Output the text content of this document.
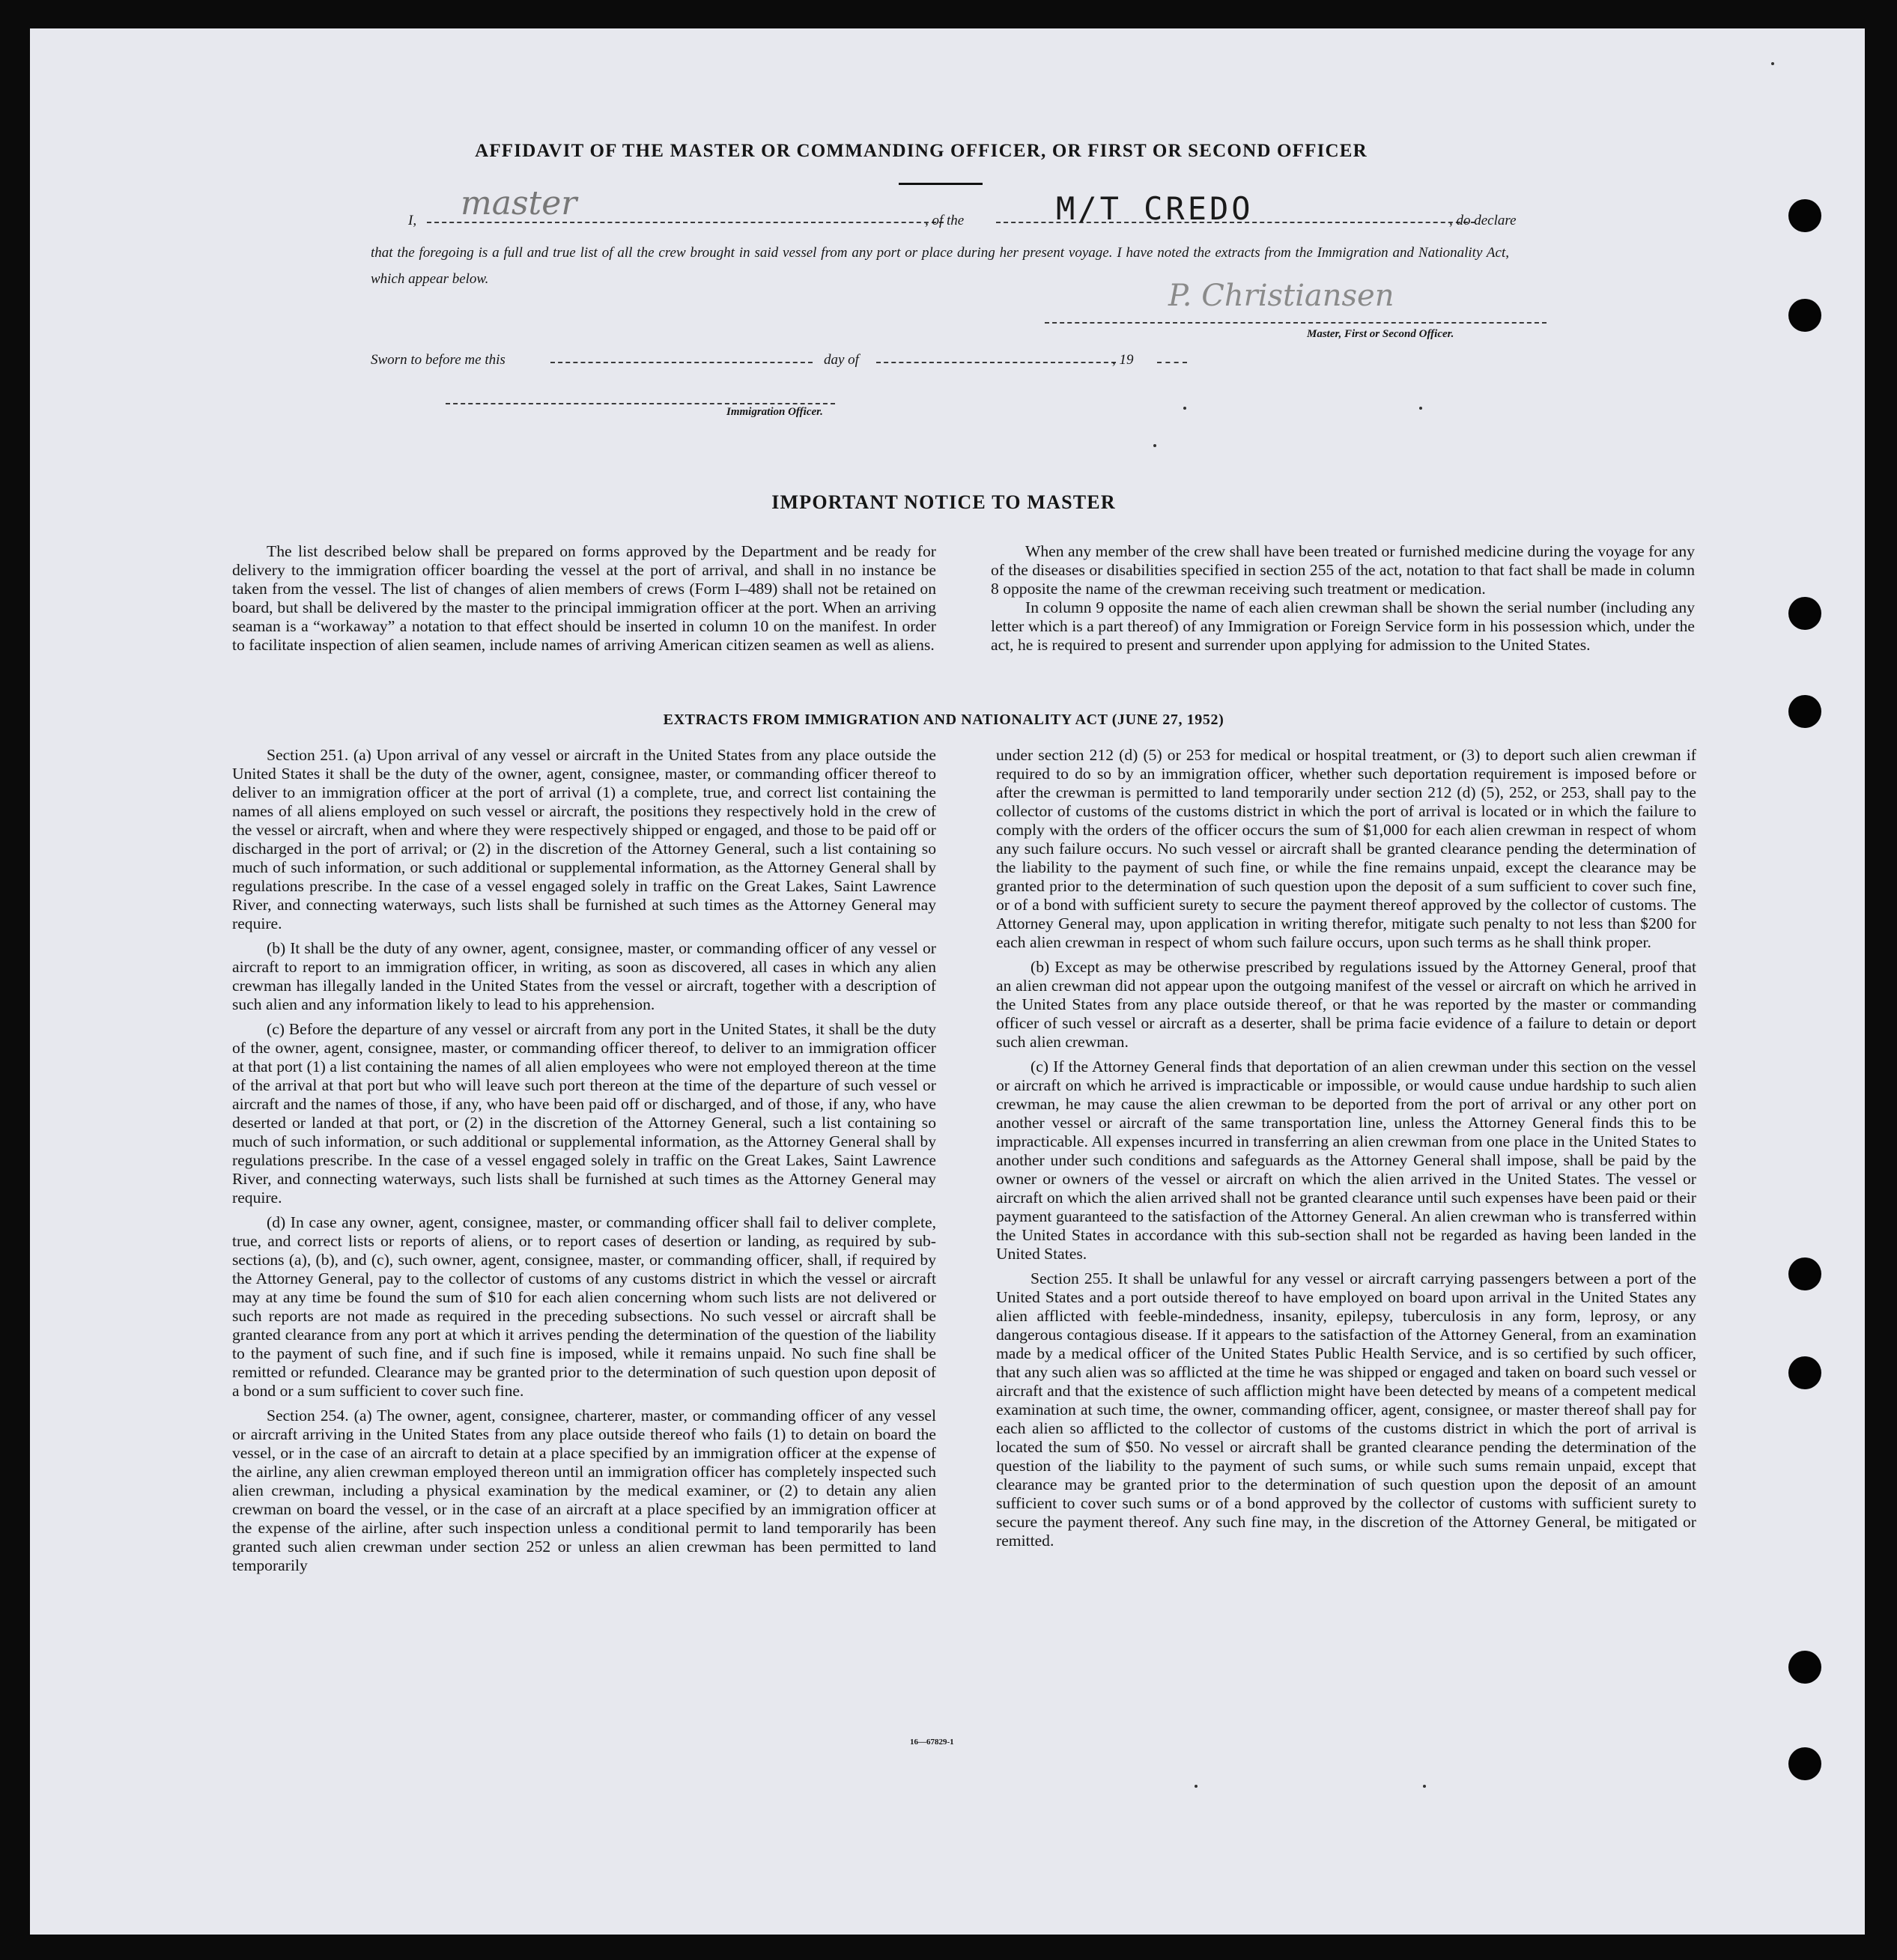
AFFIDAVIT OF THE MASTER OR COMMANDING OFFICER, OR FIRST OR SECOND OFFICER
I, master	, of the	M/T CREDO	, do declare
that the foregoing is a full and true list of all the crew brought in said vessel from any port or place during her present voyage. I have noted the extracts from the Immigration and Nationality Act, which appear below.	P. Christiansen
Master, First or Second Officer.
Sworn to before me this	day of	, 19
Immigration Officer.
IMPORTANT NOTICE TO MASTER

The list described below shall be prepared on forms approved by the Department and be ready for delivery to the immigration officer boarding the vessel at the port of arrival, and shall in no instance be taken from the vessel. The list of changes of alien members of crews (Form I–489) shall not be retained on board, but shall be delivered by the master to the principal immigration officer at the port. When an arriving seaman is a “workaway” a notation to that effect should be inserted in column 10 on the manifest. In order to facilitate inspection of alien seamen, include names of arriving American citizen seamen as well as aliens.

When any member of the crew shall have been treated or furnished medicine during the voyage for any of the diseases or disabilities specified in section 255 of the act, notation to that fact shall be made in column 8 opposite the name of the crewman receiving such treatment or medication.

In column 9 opposite the name of each alien crewman shall be shown the serial number (including any letter which is a part thereof) of any Immigration or Foreign Service form in his possession which, under the act, he is required to present and surrender upon applying for admission to the United States.

EXTRACTS FROM IMMIGRATION AND NATIONALITY ACT (JUNE 27, 1952)

Section 251. (a) Upon arrival of any vessel or aircraft in the United States from any place outside the United States it shall be the duty of the owner, agent, consignee, master, or commanding officer thereof to deliver to an immigration officer at the port of arrival (1) a complete, true, and correct list containing the names of all aliens employed on such vessel or aircraft, the positions they respectively hold in the crew of the vessel or aircraft, when and where they were respectively shipped or engaged, and those to be paid off or discharged in the port of arrival; or (2) in the discretion of the Attorney General, such a list containing so much of such information, or such additional or supplemental information, as the Attorney General shall by regulations prescribe. In the case of a vessel engaged solely in traffic on the Great Lakes, Saint Lawrence River, and connecting waterways, such lists shall be furnished at such times as the Attorney General may require.

(b) It shall be the duty of any owner, agent, consignee, master, or commanding officer of any vessel or aircraft to report to an immigration officer, in writing, as soon as discovered, all cases in which any alien crewman has illegally landed in the United States from the vessel or aircraft, together with a description of such alien and any information likely to lead to his apprehension.

(c) Before the departure of any vessel or aircraft from any port in the United States, it shall be the duty of the owner, agent, consignee, master, or commanding officer thereof, to deliver to an immigration officer at that port (1) a list containing the names of all alien employees who were not employed thereon at the time of the arrival at that port but who will leave such port thereon at the time of the departure of such vessel or aircraft and the names of those, if any, who have been paid off or discharged, and of those, if any, who have deserted or landed at that port, or (2) in the discretion of the Attorney General, such a list containing so much of such information, or such additional or supplemental information, as the Attorney General shall by regulations prescribe. In the case of a vessel engaged solely in traffic on the Great Lakes, Saint Lawrence River, and connecting waterways, such lists shall be furnished at such times as the Attorney General may require.

(d) In case any owner, agent, consignee, master, or commanding officer shall fail to deliver complete, true, and correct lists or reports of aliens, or to report cases of desertion or landing, as required by sub-sections (a), (b), and (c), such owner, agent, consignee, master, or commanding officer, shall, if required by the Attorney General, pay to the collector of customs of any customs district in which the vessel or aircraft may at any time be found the sum of $10 for each alien concerning whom such lists are not delivered or such reports are not made as required in the preceding subsections. No such vessel or aircraft shall be granted clearance from any port at which it arrives pending the determination of the question of the liability to the payment of such fine, and if such fine is imposed, while it remains unpaid. No such fine shall be remitted or refunded. Clearance may be granted prior to the determination of such question upon deposit of a bond or a sum sufficient to cover such fine.

Section 254. (a) The owner, agent, consignee, charterer, master, or commanding officer of any vessel or aircraft arriving in the United States from any place outside thereof who fails (1) to detain on board the vessel, or in the case of an aircraft to detain at a place specified by an immigration officer at the expense of the airline, any alien crewman employed thereon until an immigration officer has completely inspected such alien crewman, including a physical examination by the medical examiner, or (2) to detain any alien crewman on board the vessel, or in the case of an aircraft at a place specified by an immigration officer at the expense of the airline, after such inspection unless a conditional permit to land temporarily has been granted such alien crewman under section 252 or unless an alien crewman has been permitted to land temporarily

under section 212 (d) (5) or 253 for medical or hospital treatment, or (3) to deport such alien crewman if required to do so by an immigration officer, whether such deportation requirement is imposed before or after the crewman is permitted to land temporarily under section 212 (d) (5), 252, or 253, shall pay to the collector of customs of the customs district in which the port of arrival is located or in which the failure to comply with the orders of the officer occurs the sum of $1,000 for each alien crewman in respect of whom any such failure occurs. No such vessel or aircraft shall be granted clearance pending the determination of the liability to the payment of such fine, or while the fine remains unpaid, except the clearance may be granted prior to the determination of such question upon the deposit of a sum sufficient to cover such fine, or of a bond with sufficient surety to secure the payment thereof approved by the collector of customs. The Attorney General may, upon application in writing therefor, mitigate such penalty to not less than $200 for each alien crewman in respect of whom such failure occurs, upon such terms as he shall think proper.

(b) Except as may be otherwise prescribed by regulations issued by the Attorney General, proof that an alien crewman did not appear upon the outgoing manifest of the vessel or aircraft on which he arrived in the United States from any place outside thereof, or that he was reported by the master or commanding officer of such vessel or aircraft as a deserter, shall be prima facie evidence of a failure to detain or deport such alien crewman.

(c) If the Attorney General finds that deportation of an alien crewman under this section on the vessel or aircraft on which he arrived is impracticable or impossible, or would cause undue hardship to such alien crewman, he may cause the alien crewman to be deported from the port of arrival or any other port on another vessel or aircraft of the same transportation line, unless the Attorney General finds this to be impracticable. All expenses incurred in transferring an alien crewman from one place in the United States to another under such conditions and safeguards as the Attorney General shall impose, shall be paid by the owner or owners of the vessel or aircraft on which the alien arrived in the United States. The vessel or aircraft on which the alien arrived shall not be granted clearance until such expenses have been paid or their payment guaranteed to the satisfaction of the Attorney General. An alien crewman who is transferred within the United States in accordance with this sub-section shall not be regarded as having been landed in the United States.

Section 255. It shall be unlawful for any vessel or aircraft carrying passengers between a port of the United States and a port outside thereof to have employed on board upon arrival in the United States any alien afflicted with feeble-mindedness, insanity, epilepsy, tuberculosis in any form, leprosy, or any dangerous contagious disease. If it appears to the satisfaction of the Attorney General, from an examination made by a medical officer of the United States Public Health Service, and is so certified by such officer, that any such alien was so afflicted at the time he was shipped or engaged and taken on board such vessel or aircraft and that the existence of such affliction might have been detected by means of a competent medical examination at such time, the owner, commanding officer, agent, consignee, or master thereof shall pay for each alien so afflicted to the collector of customs of the customs district in which the port of arrival is located the sum of $50. No vessel or aircraft shall be granted clearance pending the determination of the question of the liability to the payment of such sums, or while such sums remain unpaid, except that clearance may be granted prior to the determination of such question upon the deposit of an amount sufficient to cover such sums or of a bond approved by the collector of customs with sufficient surety to secure the payment thereof. Any such fine may, in the discretion of the Attorney General, be mitigated or remitted.

16—67829-1
